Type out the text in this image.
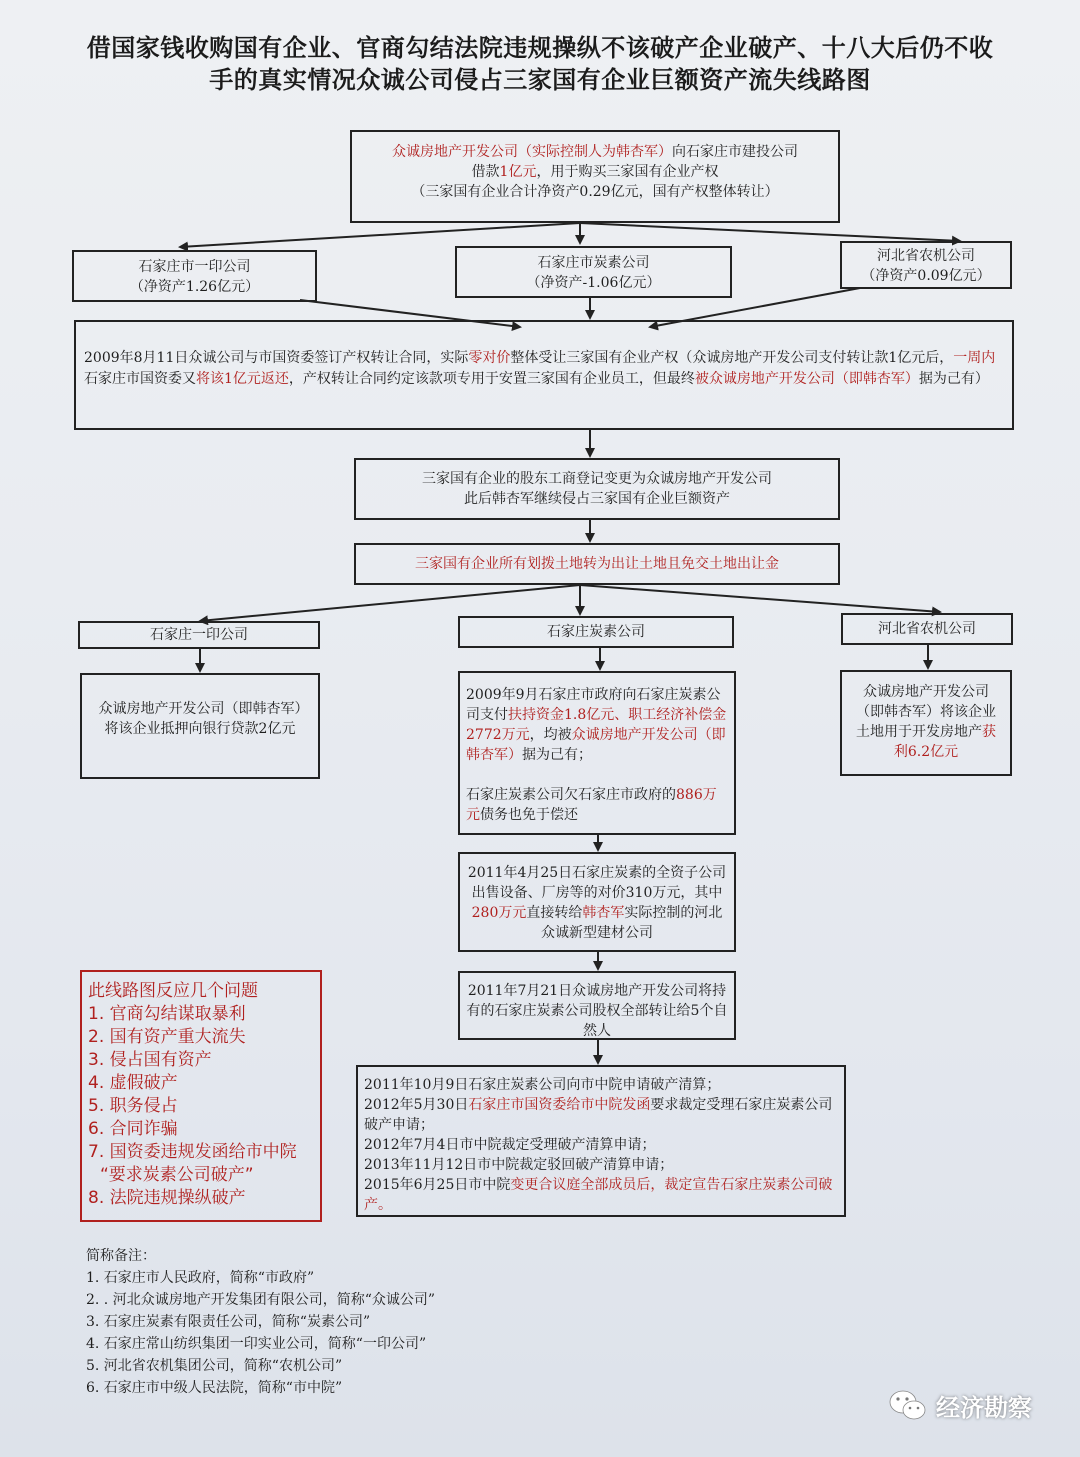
借国家钱收购国有企业、官商勾结法院违规操纵不该破产企业破产、十八大后仍不收
手的真实情况众诚公司侵占三家国有企业巨额资产流失线路图
众诚房地产开发公司（实际控制人为韩杏军）向石家庄市建投公司
借款1亿元，用于购买三家国有企业产权
（三家国有企业合计净资产0.29亿元，国有产权整体转让）
石家庄市一印公司
（净资产1.26亿元）
石家庄市炭素公司
（净资产-1.06亿元）
河北省农机公司
（净资产0.09亿元）
2009年8月11日众诚公司与市国资委签订产权转让合同，实际零对价整体受让三家国有企业产权（众诚房地产开发公司支付转让款1亿元后，一周内石家庄市国资委又将该1亿元返还，产权转让合同约定该款项专用于安置三家国有企业员工，但最终被众诚房地产开发公司（即韩杏军）据为己有）
三家国有企业的股东工商登记变更为众诚房地产开发公司
此后韩杏军继续侵占三家国有企业巨额资产
三家国有企业所有划拨土地转为出让土地且免交土地出让金
石家庄一印公司	石家庄炭素公司	河北省农机公司
众诚房地产开发公司（即韩杏军）将该企业抵押向银行贷款2亿元
2009年9月石家庄市政府向石家庄炭素公司支付扶持资金1.8亿元、职工经济补偿金2772万元，均被众诚房地产开发公司（即韩杏军）据为己有；
石家庄炭素公司欠石家庄市政府的886万元债务也免于偿还
众诚房地产开发公司（即韩杏军）将该企业土地用于开发房地产获利6.2亿元
2011年4月25日石家庄炭素的全资子公司出售设备、厂房等的对价310万元，其中280万元直接转给韩杏军实际控制的河北众诚新型建材公司
2011年7月21日众诚房地产开发公司将持有的石家庄炭素公司股权全部转让给5个自然人
2011年10月9日石家庄炭素公司向市中院申请破产清算；
2012年5月30日石家庄市国资委给市中院发函要求裁定受理石家庄炭素公司破产申请；
2012年7月4日市中院裁定受理破产清算申请；
2013年11月12日市中院裁定驳回破产清算申请；
2015年6月25日市中院变更合议庭全部成员后，裁定宣告石家庄炭素公司破产。
此线路图反应几个问题
1. 官商勾结谋取暴利
2. 国有资产重大流失
3. 侵占国有资产
4. 虚假破产
5. 职务侵占
6. 合同诈骗
7. 国资委违规发函给市中院
“要求炭素公司破产”
8. 法院违规操纵破产
简称备注：
1. 石家庄市人民政府，简称“市政府”
2. . 河北众诚房地产开发集团有限公司，简称“众诚公司”
3. 石家庄炭素有限责任公司，简称“炭素公司”
4. 石家庄常山纺织集团一印实业公司，简称“一印公司”
5. 河北省农机集团公司，简称“农机公司”
6. 石家庄市中级人民法院，简称“市中院”
经济勘察
